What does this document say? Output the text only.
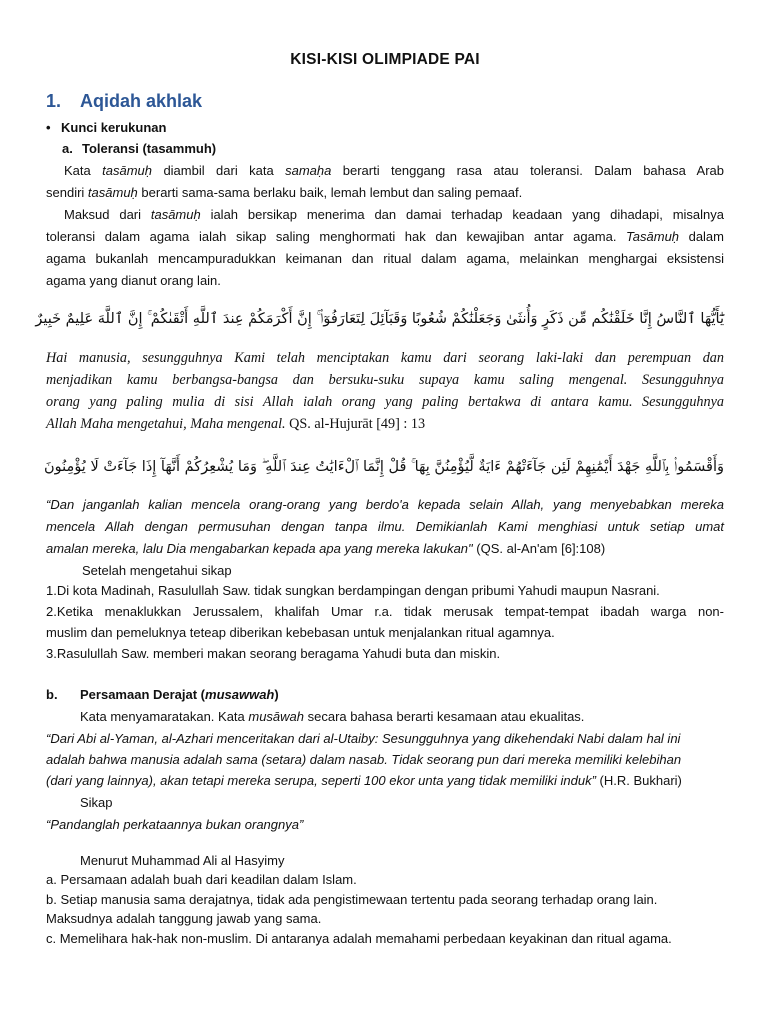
KISI-KISI OLIMPIADE PAI
1. Aqidah akhlak
• Kunci kerukunan
a. Toleransi (tasammuh)
Kata tasāmuḥ diambil dari kata samaḥa berarti tenggang rasa atau toleransi. Dalam bahasa Arab
sendiri tasāmuḥ berarti sama-sama berlaku baik, lemah lembut dan saling pemaaf.
Maksud dari tasāmuḥ ialah bersikap menerima dan damai terhadap keadaan yang dihadapi, misalnya
toleransi dalam agama ialah sikap saling menghormati hak dan kewajiban antar agama. Tasāmuḥ dalam
agama bukanlah mencampuradukkan keimanan dan ritual dalam agama, melainkan menghargai eksistensi
agama yang dianut orang lain.
يَٰٓأَيُّهَا ٱلنَّاسُ إِنَّا خَلَقْنَٰكُم مِّن ذَكَرٍ وَأُنثَىٰ وَجَعَلْنَٰكُمْ شُعُوبًا وَقَبَآئِلَ لِتَعَارَفُوٓا۟ ۚ إِنَّ أَكْرَمَكُمْ عِندَ ٱللَّهِ أَتْقَىٰكُمْ ۚ إِنَّ ٱللَّهَ عَلِيمٌ خَبِيرٌ
Hai manusia, sesungguhnya Kami telah menciptakan kamu dari seorang laki-laki dan perempuan dan
menjadikan kamu berbangsa-bangsa dan bersuku-suku supaya kamu saling mengenal. Sesungguhnya
orang yang paling mulia di sisi Allah ialah orang yang paling bertakwa di antara kamu. Sesungguhnya
Allah Maha mengetahui, Maha mengenal. QS. al-Hujurāt [49] : 13
وَأَقْسَمُوا۟ بِٱللَّهِ جَهْدَ أَيْمَٰنِهِمْ لَئِن جَآءَتْهُمْ ءَايَةٌ لَّيُؤْمِنُنَّ بِهَا ۚ قُلْ إِنَّمَا ٱلْءَايَٰتُ عِندَ ٱللَّهِ ۖ وَمَا يُشْعِرُكُمْ أَنَّهَآ إِذَا جَآءَتْ لَا يُؤْمِنُونَ
“Dan janganlah kalian mencela orang-orang yang berdo'a kepada selain Allah, yang menyebabkan mereka
mencela Allah dengan permusuhan dengan tanpa ilmu. Demikianlah Kami menghiasi untuk setiap umat
amalan mereka, lalu Dia mengabarkan kepada apa yang mereka lakukan" (QS. al-An'am [6]:108)
Setelah mengetahui sikap
1.Di kota Madinah, Rasulullah Saw. tidak sungkan berdampingan dengan pribumi Yahudi maupun Nasrani.
2.Ketika menaklukkan Jerussalem, khalifah Umar r.a. tidak merusak tempat-tempat ibadah warga non-
muslim dan pemeluknya teteap diberikan kebebasan untuk menjalankan ritual agamnya.
3.Rasulullah Saw. memberi makan seorang beragama Yahudi buta dan miskin.
b. Persamaan Derajat (musawwah)
Kata menyamaratakan. Kata musāwah secara bahasa berarti kesamaan atau ekualitas.
“Dari Abi al-Yaman, al-Azhari menceritakan dari al-Utaiby: Sesungguhnya yang dikehendaki Nabi dalam hal ini
adalah bahwa manusia adalah sama (setara) dalam nasab. Tidak seorang pun dari mereka memiliki kelebihan
(dari yang lainnya), akan tetapi mereka serupa, seperti 100 ekor unta yang tidak memiliki induk” (H.R. Bukhari)
Sikap
“Pandanglah perkataannya bukan orangnya”
Menurut Muhammad Ali al Hasyimy
a. Persamaan adalah buah dari keadilan dalam Islam.
b. Setiap manusia sama derajatnya, tidak ada pengistimewaan tertentu pada seorang terhadap orang lain.
Maksudnya adalah tanggung jawab yang sama.
c. Memelihara hak-hak non-muslim. Di antaranya adalah memahami perbedaan keyakinan dan ritual agama.
